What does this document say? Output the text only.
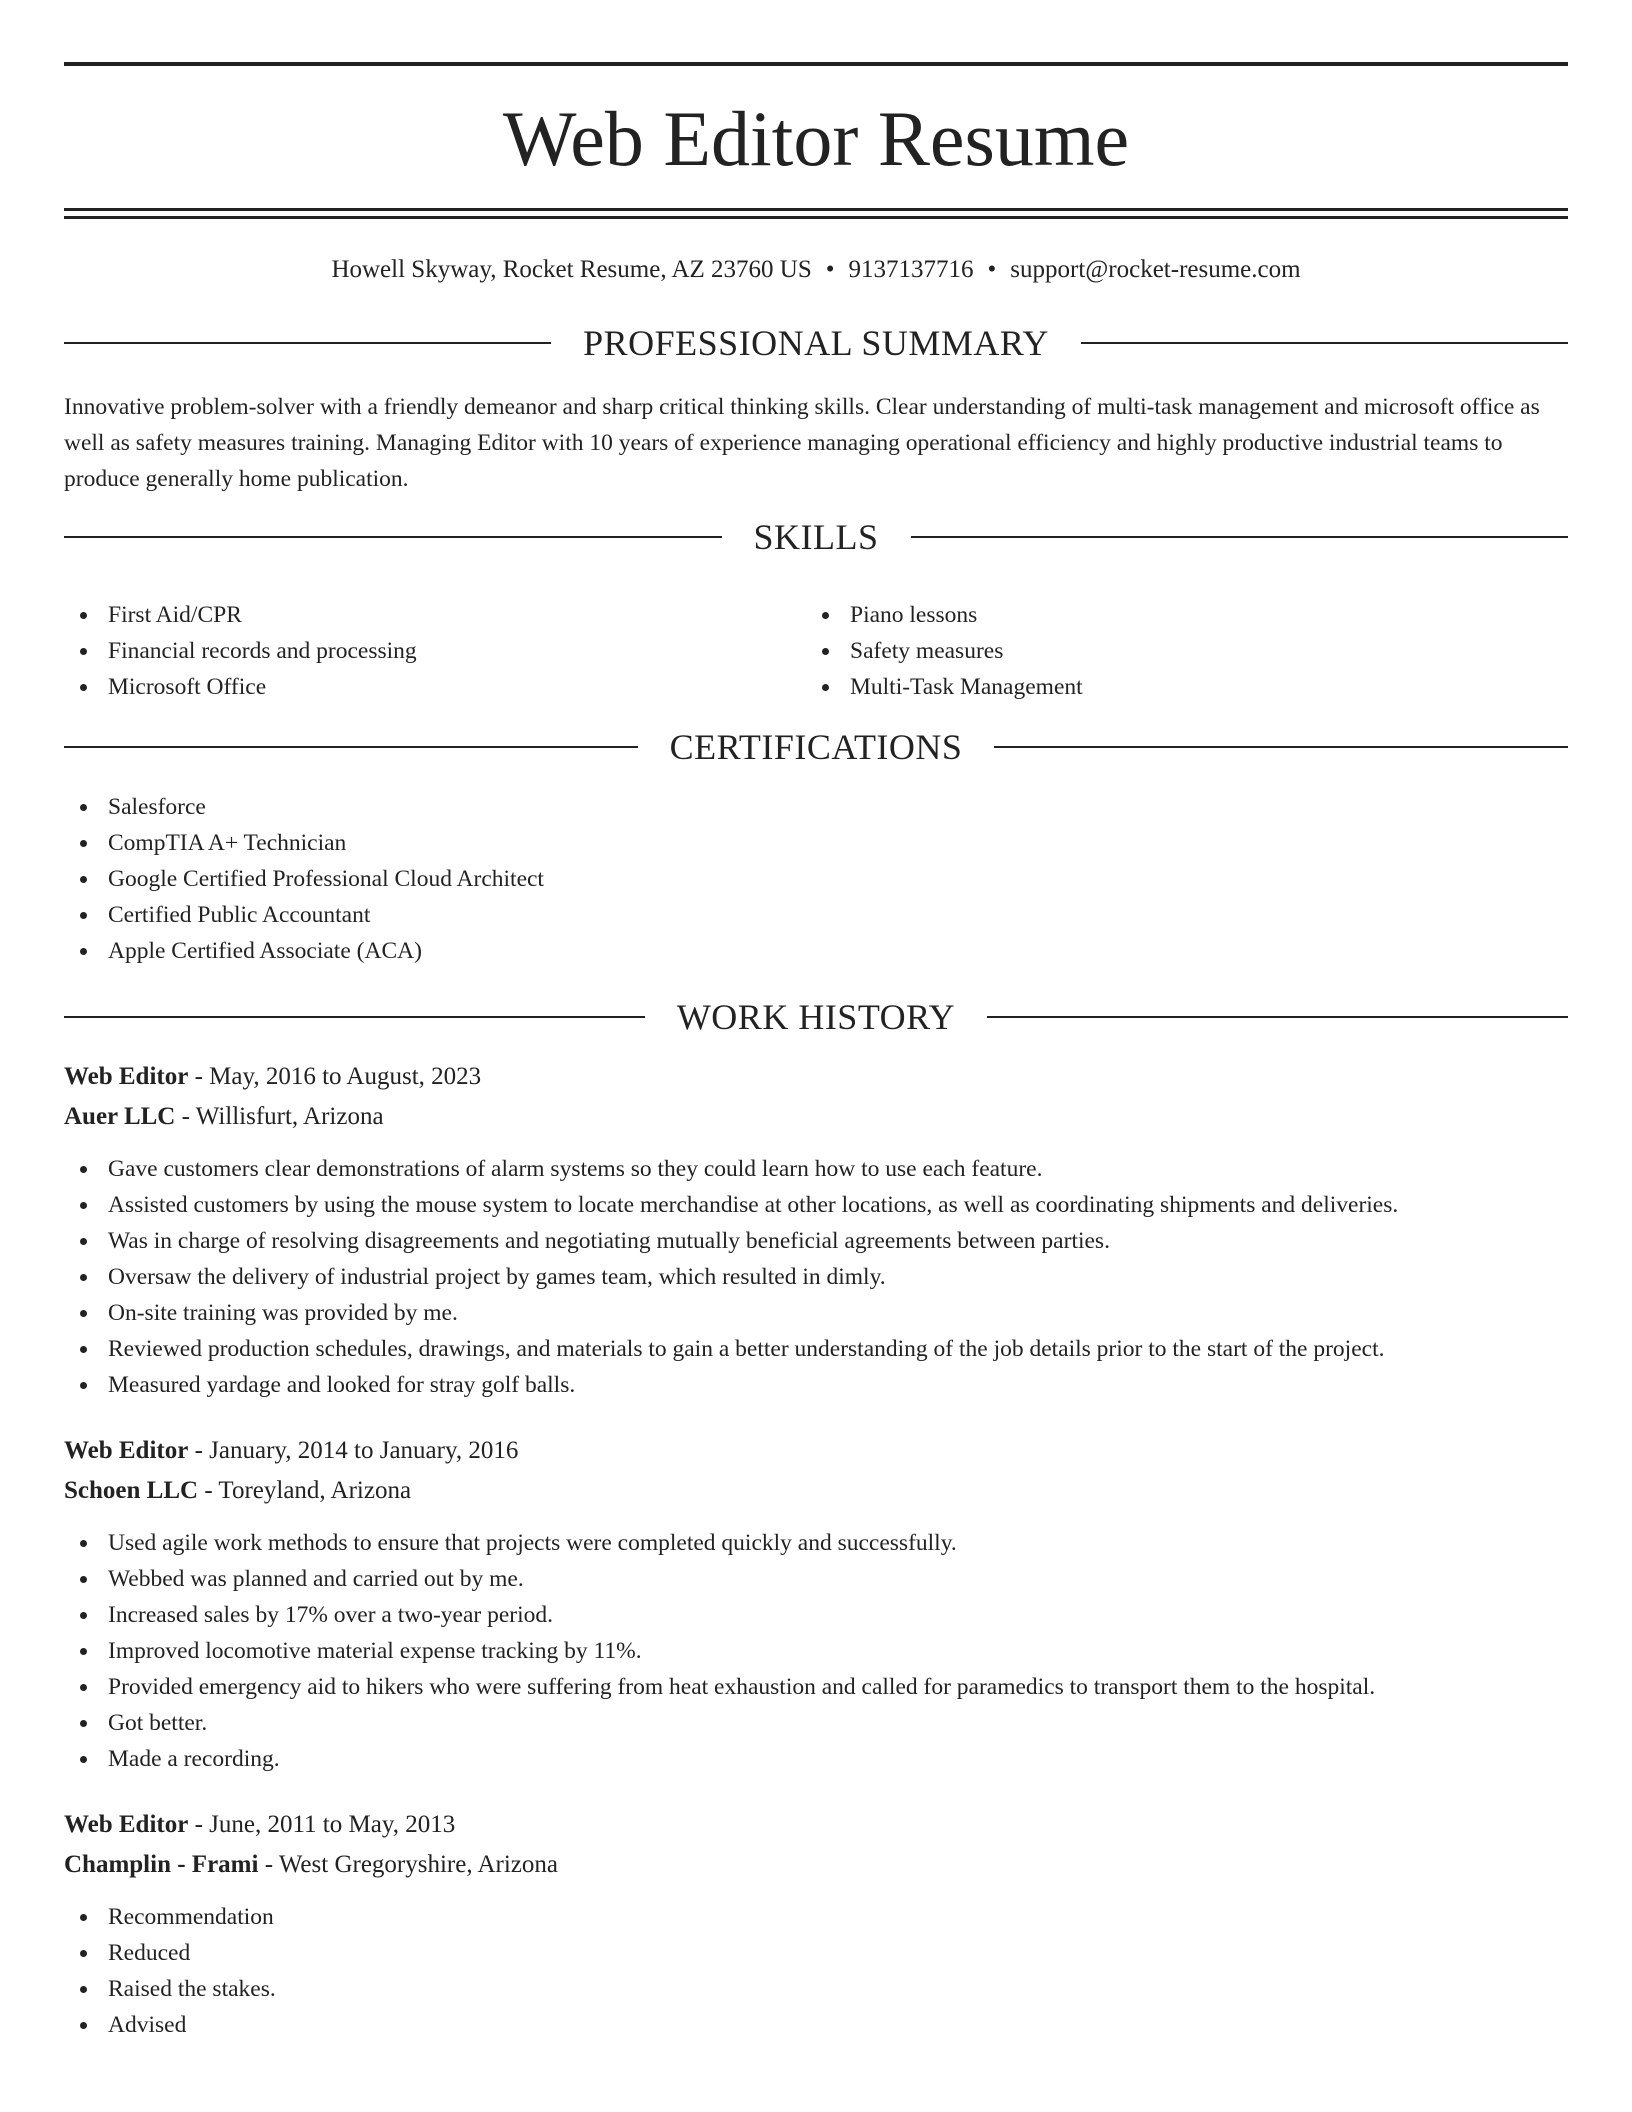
Web Editor Resume
Howell Skyway, Rocket Resume, AZ 23760 US • 9137137716 • support@rocket-resume.com
PROFESSIONAL SUMMARY

Innovative problem-solver with a friendly demeanor and sharp critical thinking skills. Clear understanding of multi-task management and microsoft office as well as safety measures training. Managing Editor with 10 years of experience managing operational efficiency and highly productive industrial teams to produce generally home publication.

SKILLS
First Aid/CPR
Financial records and processing
Microsoft Office
Piano lessons
Safety measures
Multi-Task Management
CERTIFICATIONS
Salesforce
CompTIA A+ Technician
Google Certified Professional Cloud Architect
Certified Public Accountant
Apple Certified Associate (ACA)
WORK HISTORY
Web Editor - May, 2016 to August, 2023
Auer LLC - Willisfurt, Arizona
Gave customers clear demonstrations of alarm systems so they could learn how to use each feature.
Assisted customers by using the mouse system to locate merchandise at other locations, as well as coordinating shipments and deliveries.
Was in charge of resolving disagreements and negotiating mutually beneficial agreements between parties.
Oversaw the delivery of industrial project by games team, which resulted in dimly.
On-site training was provided by me.
Reviewed production schedules, drawings, and materials to gain a better understanding of the job details prior to the start of the project.
Measured yardage and looked for stray golf balls.
Web Editor - January, 2014 to January, 2016
Schoen LLC - Toreyland, Arizona
Used agile work methods to ensure that projects were completed quickly and successfully.
Webbed was planned and carried out by me.
Increased sales by 17% over a two-year period.
Improved locomotive material expense tracking by 11%.
Provided emergency aid to hikers who were suffering from heat exhaustion and called for paramedics to transport them to the hospital.
Got better.
Made a recording.
Web Editor - June, 2011 to May, 2013
Champlin - Frami - West Gregoryshire, Arizona
Recommendation
Reduced
Raised the stakes.
Advised
